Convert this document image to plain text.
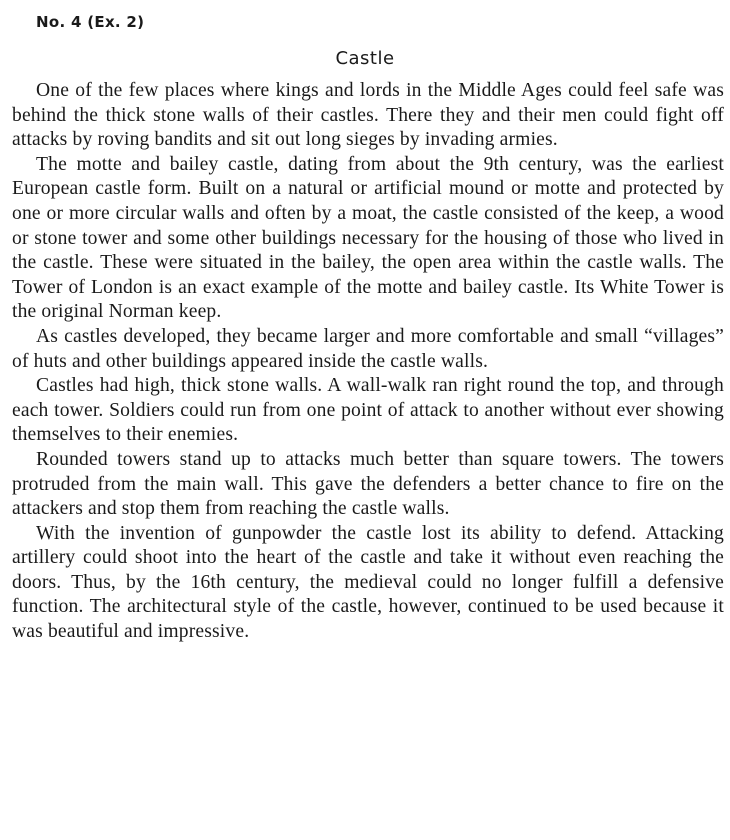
No. 4 (Ex. 2)
Castle

One of the few places where kings and lords in the Middle Ages could feel safe was behind the thick stone walls of their castles. There they and their men could fight off attacks by roving bandits and sit out long sieges by invading armies.

The motte and bailey castle, dating from about the 9th century, was the earliest European castle form. Built on a natural or artificial mound or motte and protected by one or more circular walls and often by a moat, the castle consisted of the keep, a wood or stone tower and some other buildings necessary for the housing of those who lived in the castle. These were situated in the bailey, the open area within the castle walls. The Tower of London is an exact example of the motte and bailey castle. Its White Tower is the original Norman keep.

As castles developed, they became larger and more comfortable and small “villages” of huts and other buildings appeared inside the castle walls.

Castles had high, thick stone walls. A wall-walk ran right round the top, and through each tower. Soldiers could run from one point of attack to another without ever showing themselves to their enemies.

Rounded towers stand up to attacks much better than square towers. The towers protruded from the main wall. This gave the defenders a better chance to fire on the attackers and stop them from reaching the castle walls.

With the invention of gunpowder the castle lost its ability to defend. Attacking artillery could shoot into the heart of the castle and take it without even reaching the doors. Thus, by the 16th century, the medieval could no longer fulfill a defensive function. The architectural style of the castle, however, continued to be used because it was beautiful and impressive.
